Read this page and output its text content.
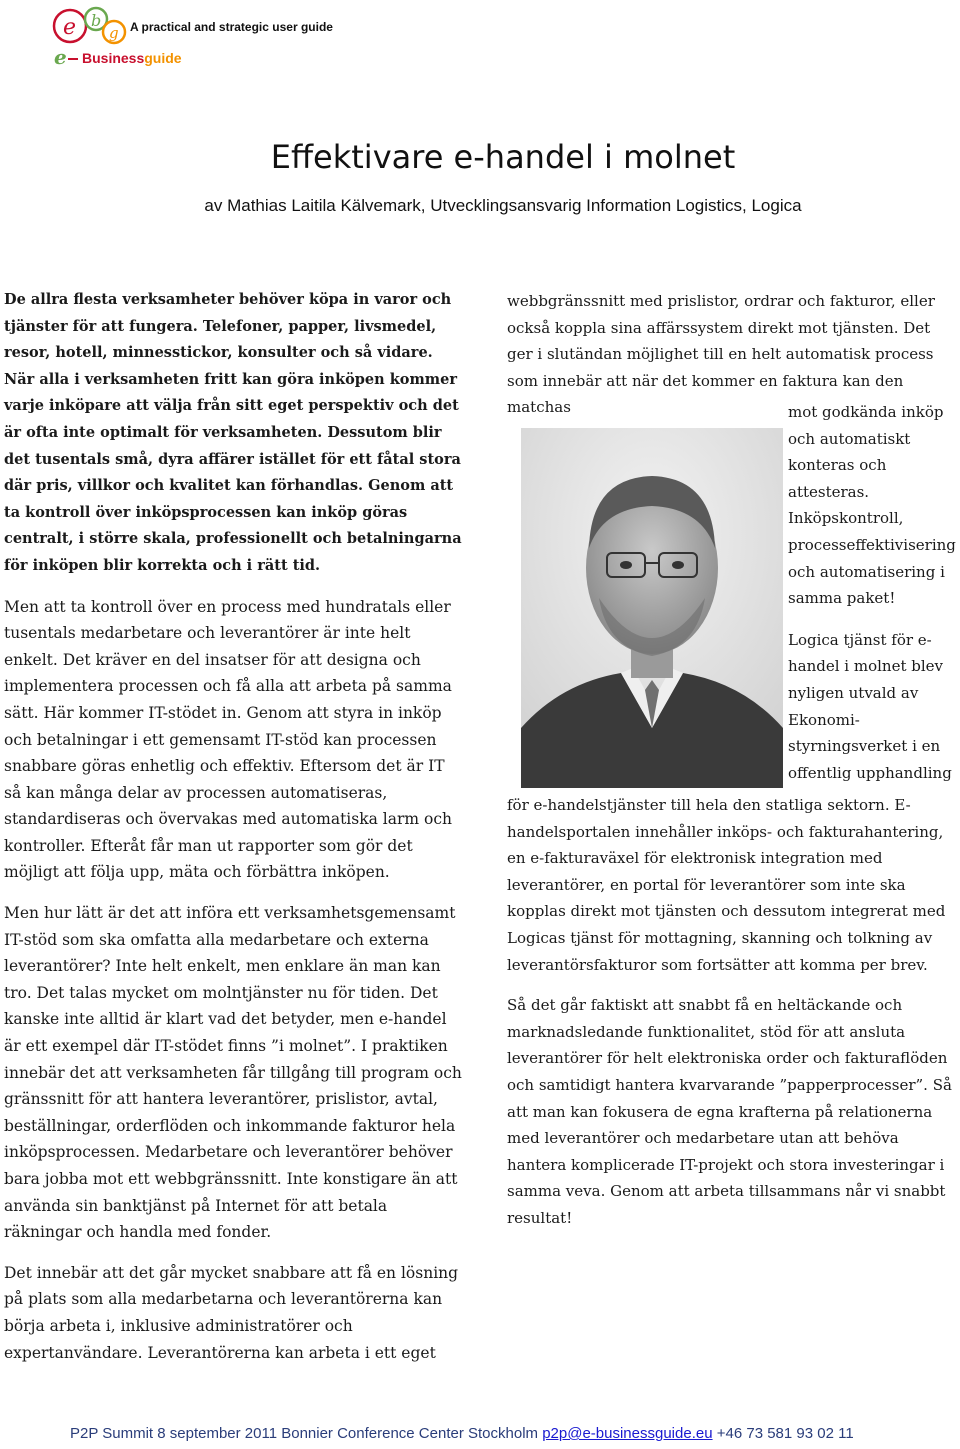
e b
g
e
A practical and strategic user guide
Businessguide
Effektivare e-handel i molnet
av Mathias Laitila Kälvemark, Utvecklingsansvarig Information Logistics, Logica

De allra flesta verksamheter behöver köpa in varor och tjänster för att fungera. Telefoner, papper, livsmedel, resor, hotell, minnesstickor, konsulter och så vidare. När alla i verksamheten fritt kan göra inköpen kommer varje inköpare att välja från sitt eget perspektiv och det är ofta inte optimalt för verksamheten. Dessutom blir det tusentals små, dyra affärer istället för ett fåtal stora där pris, villkor och kvalitet kan förhandlas. Genom att ta kontroll över inköpsprocessen kan inköp göras centralt, i större skala, professionellt och betalningarna för inköpen blir korrekta och i rätt tid.

Men att ta kontroll över en process med hundratals eller tusentals medarbetare och leverantörer är inte helt enkelt. Det kräver en del insatser för att designa och implementera processen och få alla att arbeta på samma sätt. Här kommer IT-stödet in. Genom att styra in inköp och betalningar i ett gemensamt IT-stöd kan processen snabbare göras enhetlig och effektiv. Eftersom det är IT så kan många delar av processen automatiseras, standardiseras och övervakas med automatiska larm och kontroller. Efteråt får man ut rapporter som gör det möjligt att följa upp, mäta och förbättra inköpen.

Men hur lätt är det att införa ett verksamhetsgemensamt IT-stöd som ska omfatta alla medarbetare och externa leverantörer? Inte helt enkelt, men enklare än man kan tro. Det talas mycket om molntjänster nu för tiden. Det kanske inte alltid är klart vad det betyder, men e-handel är ett exempel där IT-stödet finns ”i molnet”. I praktiken innebär det att verksamheten får tillgång till program och gränssnitt för att hantera leverantörer, prislistor, avtal, beställningar, orderflöden och inkommande fakturor hela inköpsprocessen. Medarbetare och leverantörer behöver bara jobba mot ett webbgränssnitt. Inte konstigare än att använda sin banktjänst på Internet för att betala räkningar och handla med fonder.

Det innebär att det går mycket snabbare att få en lösning på plats som alla medarbetarna och leverantörerna kan börja arbeta i, inklusive administratörer och expertanvändare. Leverantörerna kan arbeta i ett eget

webbgränssnitt med prislistor, ordrar och fakturor, eller också koppla sina affärssystem direkt mot tjänsten. Det ger i slutändan möjlighet till en helt automatisk process som innebär att när det kommer en faktura kan den matchas	mot godkända inköp
och automatiskt
konteras och
attesteras.
Inköpskontroll,
processeffektivisering
och automatisering i
samma paket!
Logica tjänst för e-
handel i molnet blev
nyligen utvald av
Ekonomi-
styrningsverket i en
offentlig upphandling

för e-handelstjänster till hela den statliga sektorn. E-handelsportalen innehåller inköps- och fakturahantering, en e-fakturaväxel för elektronisk integration med leverantörer, en portal för leverantörer som inte ska kopplas direkt mot tjänsten och dessutom integrerat med Logicas tjänst för mottagning, skanning och tolkning av leverantörsfakturor som fortsätter att komma per brev.

Så det går faktiskt att snabbt få en heltäckande och marknadsledande funktionalitet, stöd för att ansluta leverantörer för helt elektroniska order och fakturaflöden och samtidigt hantera kvarvarande ”papperprocesser”. Så att man kan fokusera de egna krafterna på relationerna med leverantörer och medarbetare utan att behöva hantera komplicerade IT-projekt och stora investeringar i samma veva. Genom att arbeta tillsammans når vi snabbt resultat!

P2P Summit 8 september 2011 Bonnier Conference Center Stockholm p2p@e-businessguide.eu +46 73 581 93 02 11
